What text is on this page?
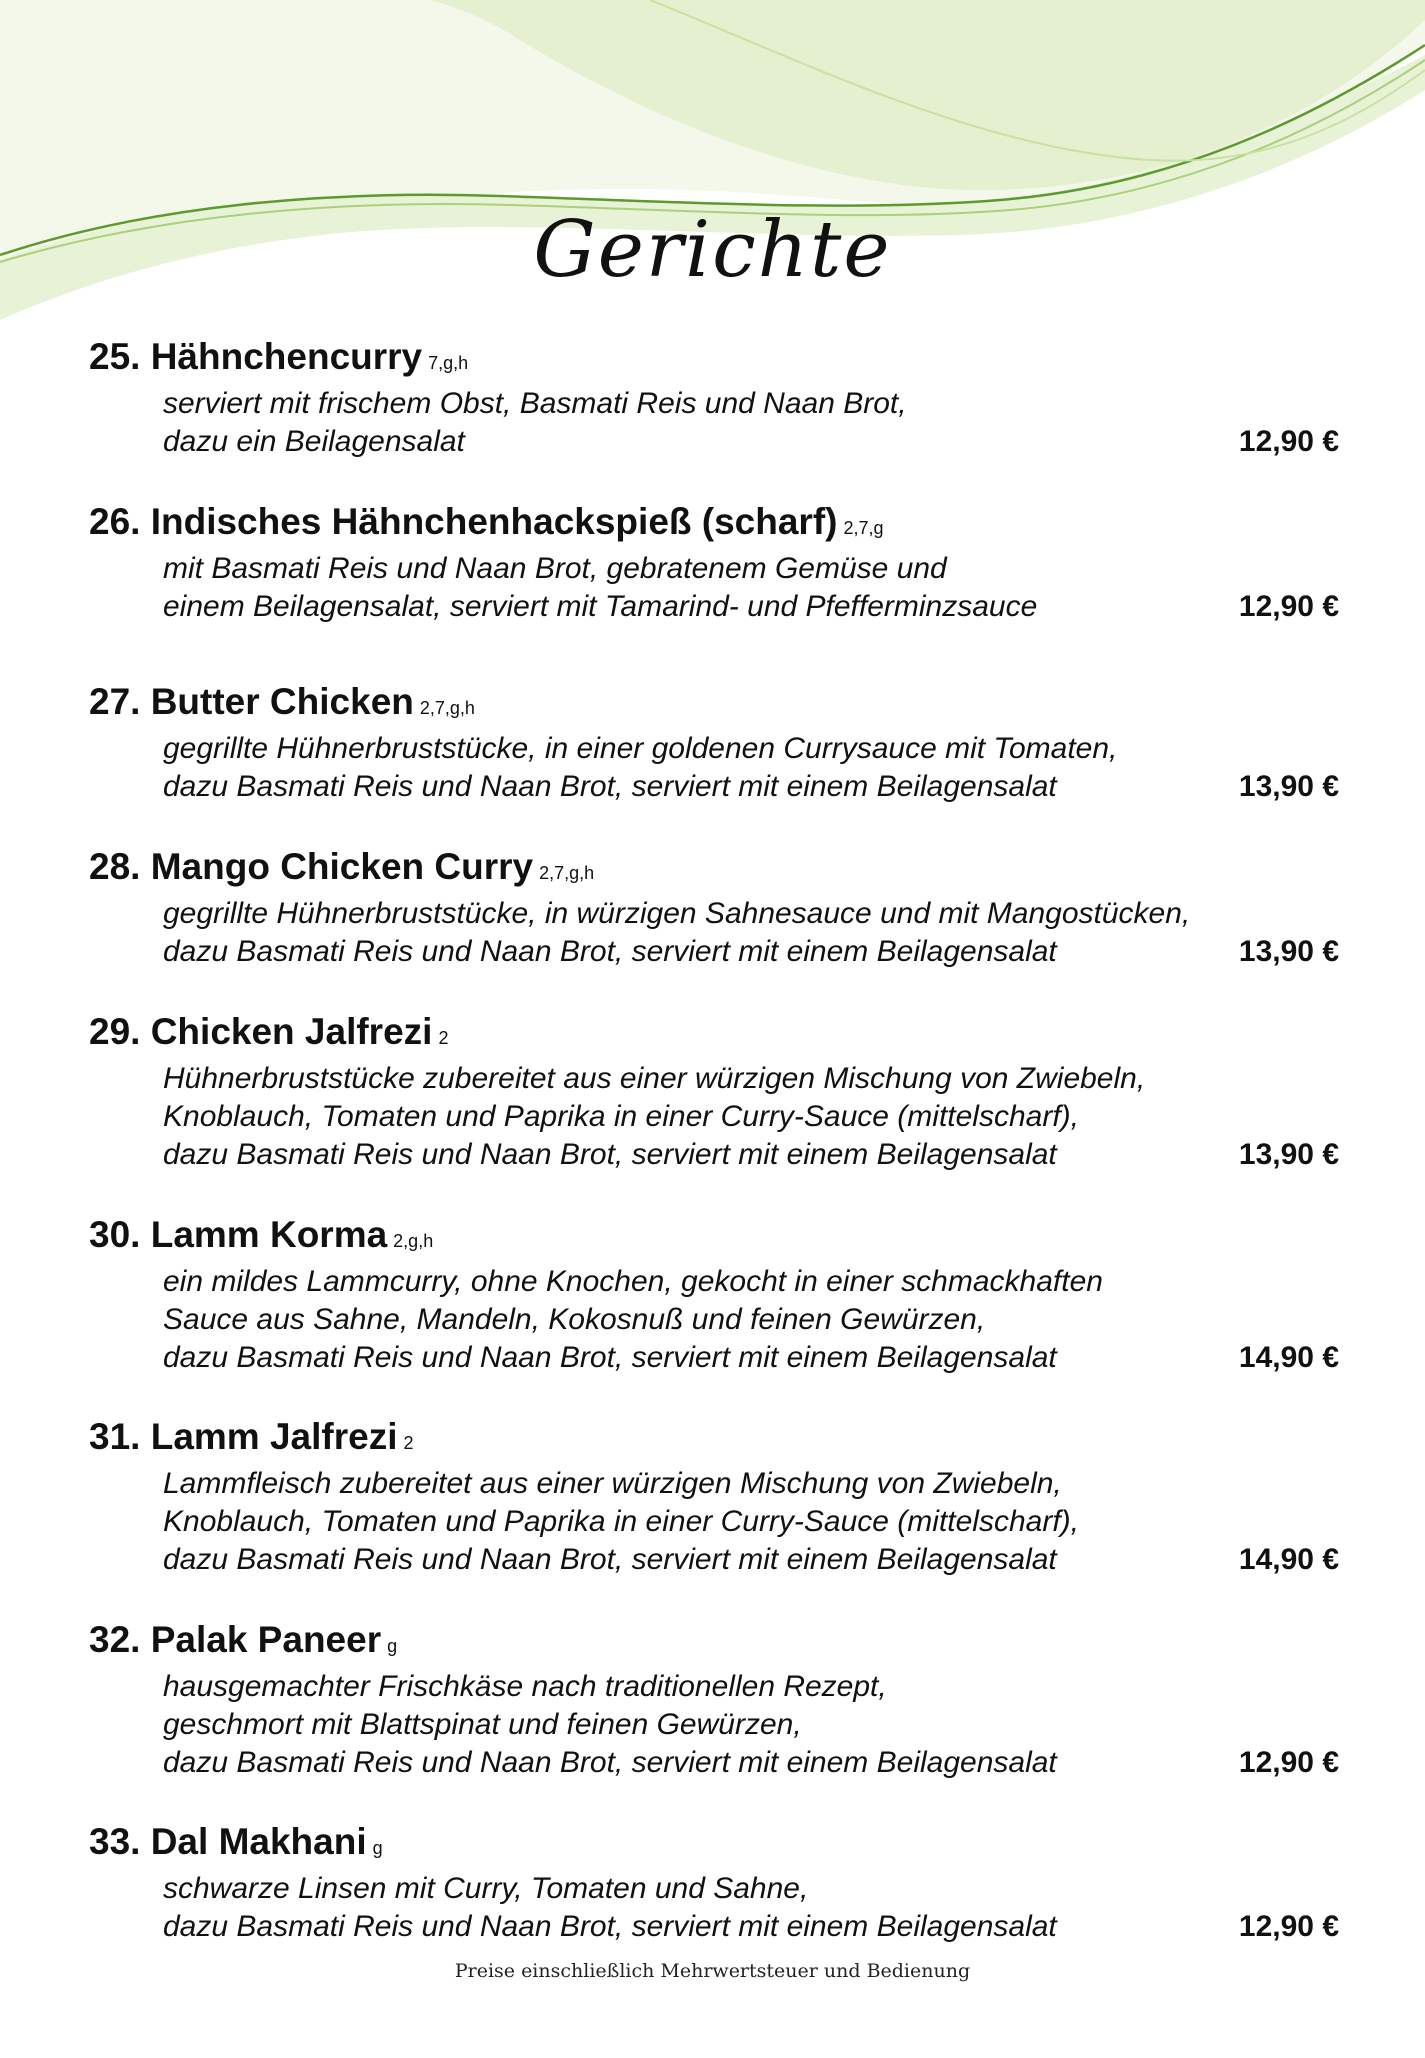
Gerichte
25. Hähnchencurry 7,g,h
serviert mit frischem Obst, Basmati Reis und Naan Brot,
dazu ein Beilagensalat	12,90 €
26. Indisches Hähnchenhackspieß (scharf) 2,7,g
mit Basmati Reis und Naan Brot, gebratenem Gemüse und
einem Beilagensalat, serviert mit Tamarind- und Pfefferminzsauce	12,90 €
27. Butter Chicken 2,7,g,h
gegrillte Hühnerbruststücke, in einer goldenen Currysauce mit Tomaten,
dazu Basmati Reis und Naan Brot, serviert mit einem Beilagensalat	13,90 €
28. Mango Chicken Curry 2,7,g,h
gegrillte Hühnerbruststücke, in würzigen Sahnesauce und mit Mangostücken,
dazu Basmati Reis und Naan Brot, serviert mit einem Beilagensalat	13,90 €
29. Chicken Jalfrezi 2
Hühnerbruststücke zubereitet aus einer würzigen Mischung von Zwiebeln,
Knoblauch, Tomaten und Paprika in einer Curry-Sauce (mittelscharf),
dazu Basmati Reis und Naan Brot, serviert mit einem Beilagensalat	13,90 €
30. Lamm Korma 2,g,h
ein mildes Lammcurry, ohne Knochen, gekocht in einer schmackhaften
Sauce aus Sahne, Mandeln, Kokosnuß und feinen Gewürzen,
dazu Basmati Reis und Naan Brot, serviert mit einem Beilagensalat	14,90 €
31. Lamm Jalfrezi 2
Lammfleisch zubereitet aus einer würzigen Mischung von Zwiebeln,
Knoblauch, Tomaten und Paprika in einer Curry-Sauce (mittelscharf),
dazu Basmati Reis und Naan Brot, serviert mit einem Beilagensalat	14,90 €
32. Palak Paneer g
hausgemachter Frischkäse nach traditionellen Rezept,
geschmort mit Blattspinat und feinen Gewürzen,
dazu Basmati Reis und Naan Brot, serviert mit einem Beilagensalat	12,90 €
33. Dal Makhani g
schwarze Linsen mit Curry, Tomaten und Sahne,
dazu Basmati Reis und Naan Brot, serviert mit einem Beilagensalat	12,90 €
Preise einschließlich Mehrwertsteuer und Bedienung
